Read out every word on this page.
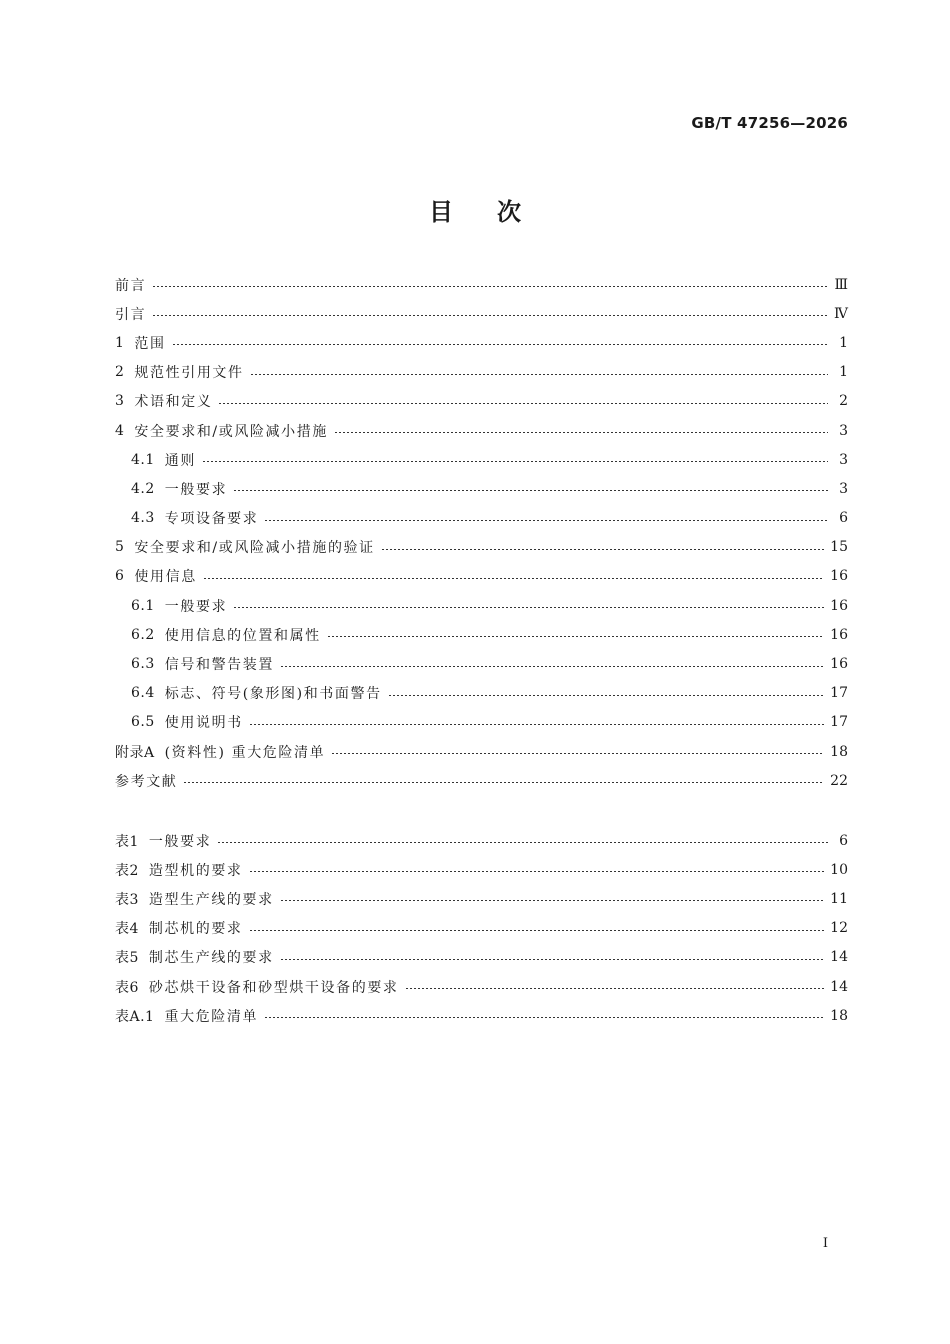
GB/T 47256—2026
目次
前言	Ⅲ
引言	Ⅳ
1 范围	1
2 规范性引用文件	1
3 术语和定义	2
4 安全要求和/或风险减小措施	3
4.1 通则	3
4.2 一般要求	3
4.3 专项设备要求	6
5 安全要求和/或风险减小措施的验证	15
6 使用信息	16
6.1 一般要求	16
6.2 使用信息的位置和属性	16
6.3 信号和警告装置	16
6.4 标志、符号(象形图)和书面警告	17
6.5 使用说明书	17
附录A (资料性) 重大危险清单	18
参考文献	22
表1 一般要求	6
表2 造型机的要求	10
表3 造型生产线的要求	11
表4 制芯机的要求	12
表5 制芯生产线的要求	14
表6 砂芯烘干设备和砂型烘干设备的要求	14
表A.1 重大危险清单	18
I
